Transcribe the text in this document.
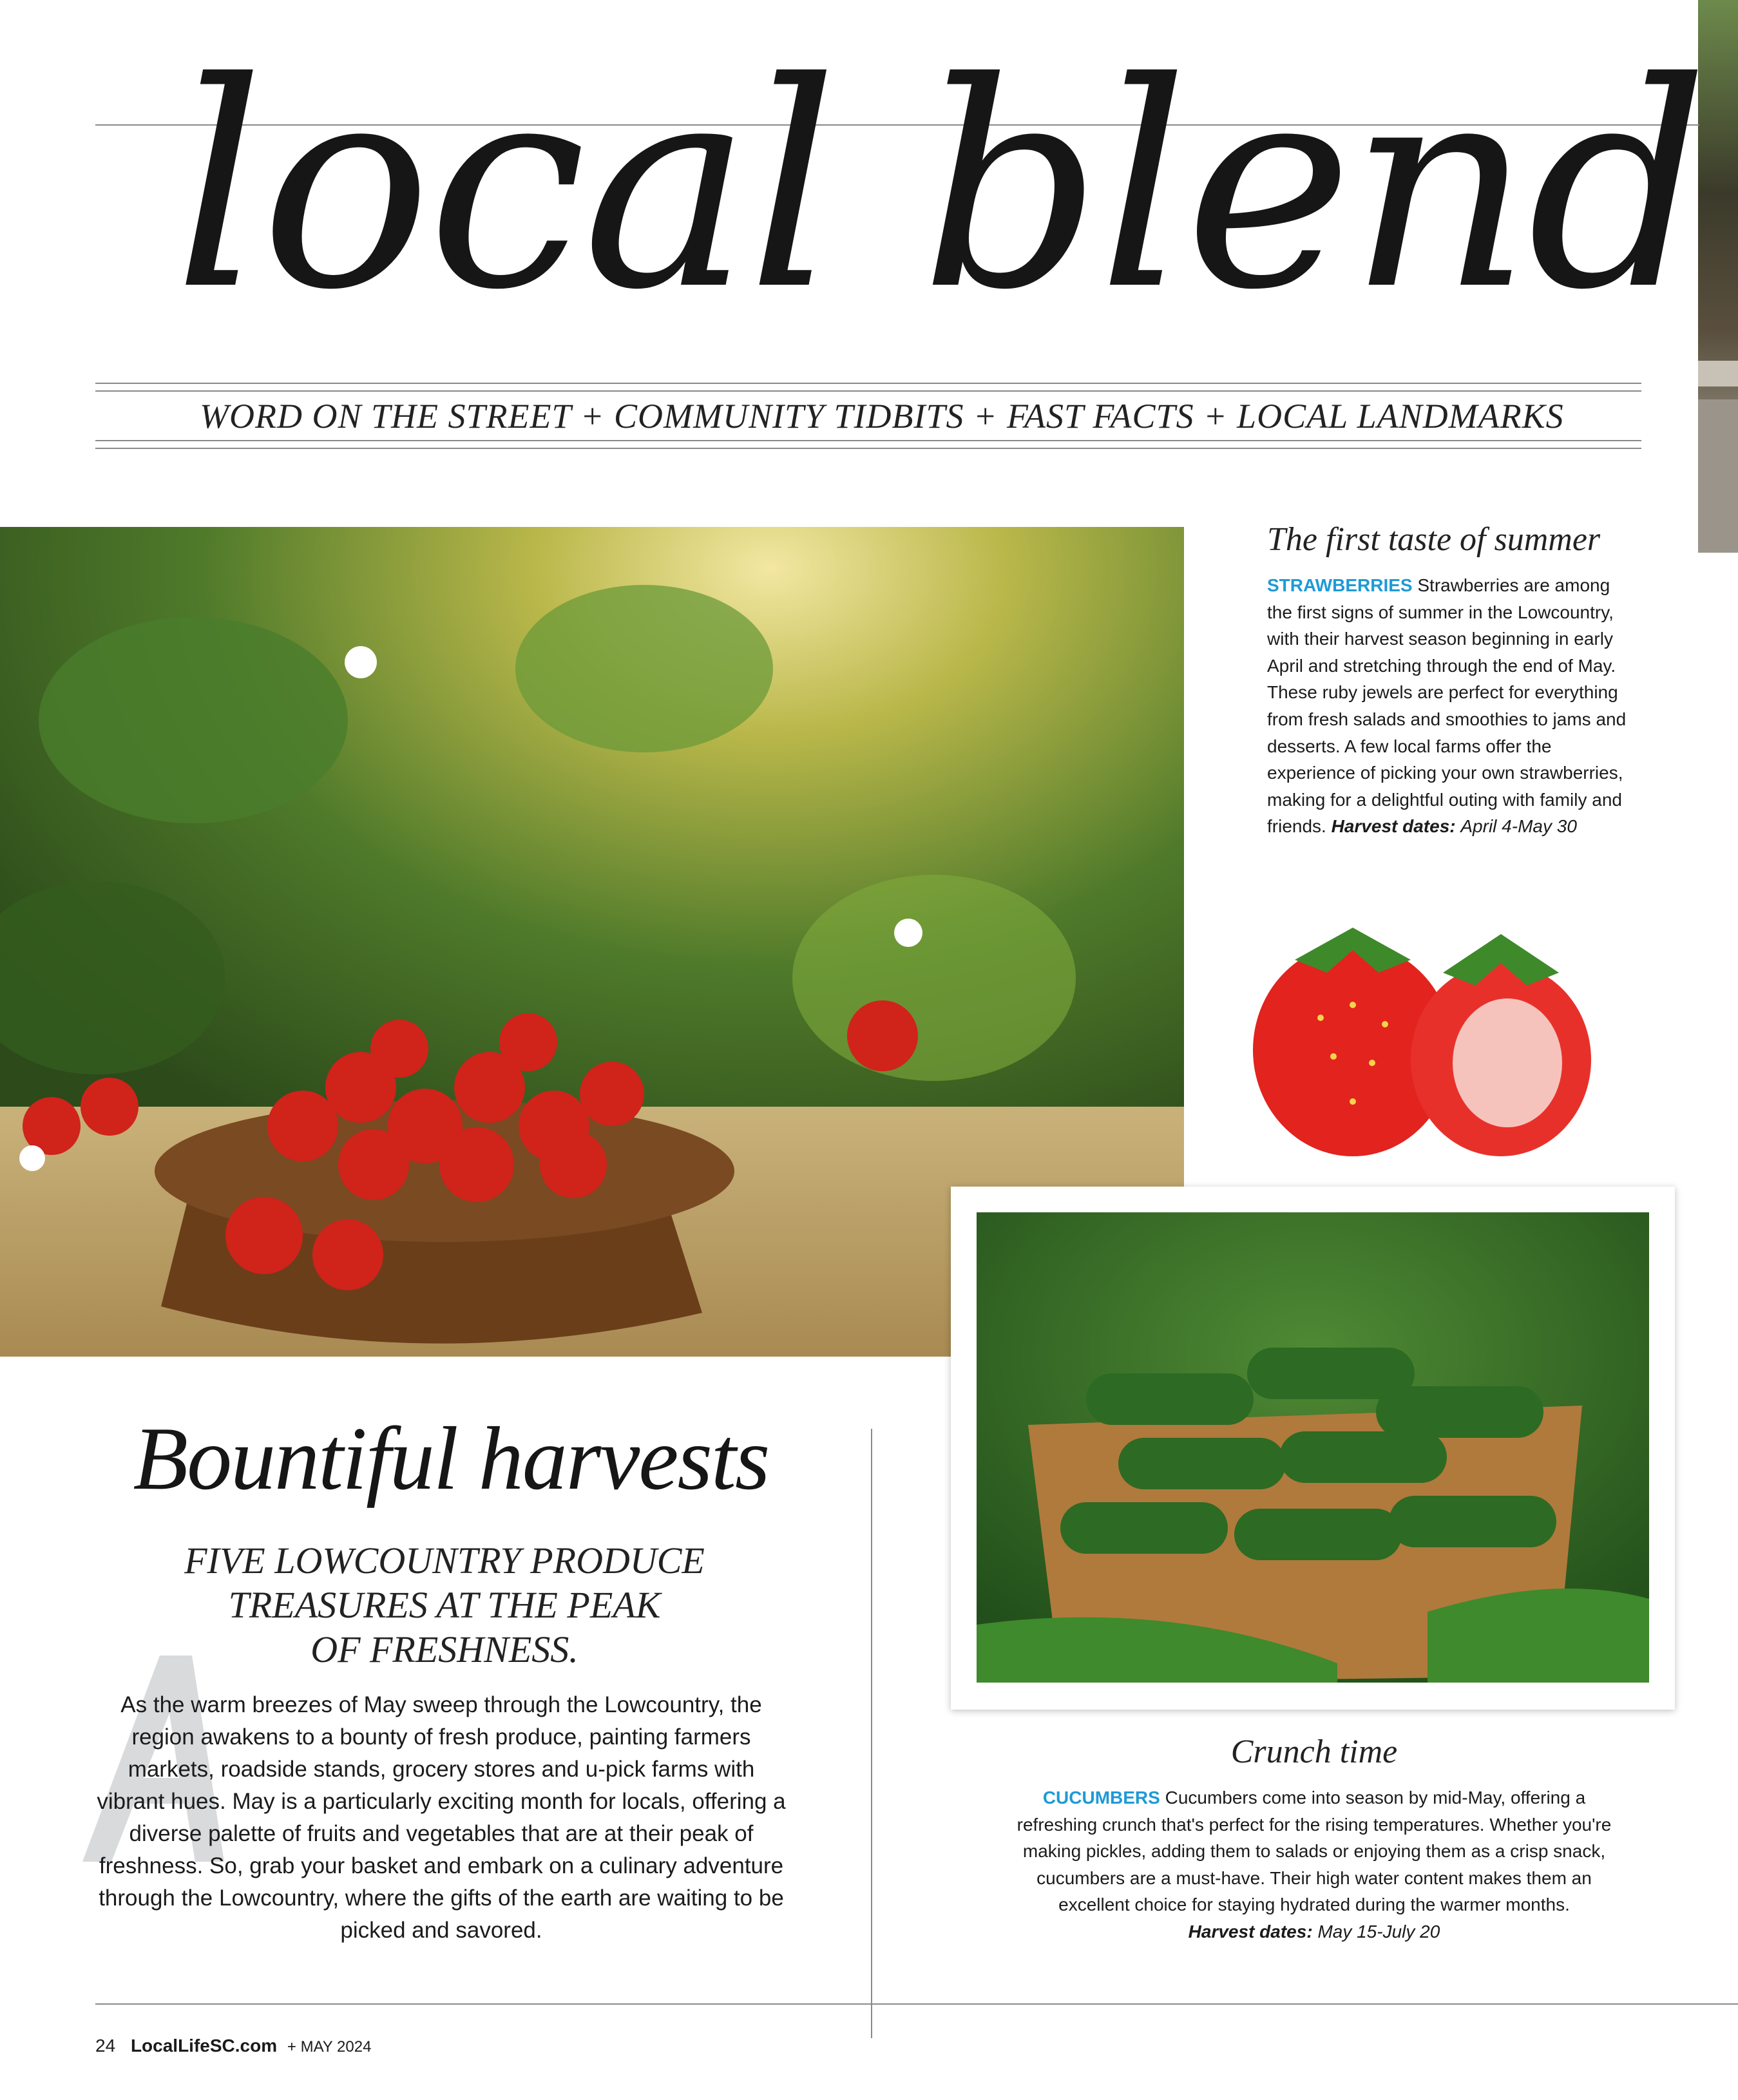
local blend
WORD ON THE STREET + COMMUNITY TIDBITS + FAST FACTS + LOCAL LANDMARKS
The first taste of summer
STRAWBERRIES Strawberries are among the first signs of summer in the Lowcountry, with their harvest season beginning in early April and stretching through the end of May. These ruby jewels are perfect for everything from fresh salads and smoothies to jams and desserts. A few local farms offer the experience of picking your own strawberries, making for a delightful outing with family and friends. Harvest dates: April 4-May 30
Bountiful harvests
FIVE LOWCOUNTRY PRODUCE
TREASURES AT THE PEAK
OF FRESHNESS.
As the warm breezes of May sweep through the Lowcountry, the region awakens to a bounty of fresh produce, painting farmers markets, roadside stands, grocery stores and u-pick farms with vibrant hues. May is a particularly exciting month for locals, offering a diverse palette of fruits and vegetables that are at their peak of freshness. So, grab your basket and embark on a culinary adventure through the Lowcountry, where the gifts of the earth are waiting to be picked and savored.
Crunch time
CUCUMBERS Cucumbers come into season by mid-May, offering a refreshing crunch that's perfect for the rising temperatures. Whether you're making pickles, adding them to salads or enjoying them as a crisp snack, cucumbers are a must-have. Their high water content makes them an excellent choice for staying hydrated during the warmer months.
Harvest dates: May 15-July 20
24 LocalLifeSC.com + MAY 2024
